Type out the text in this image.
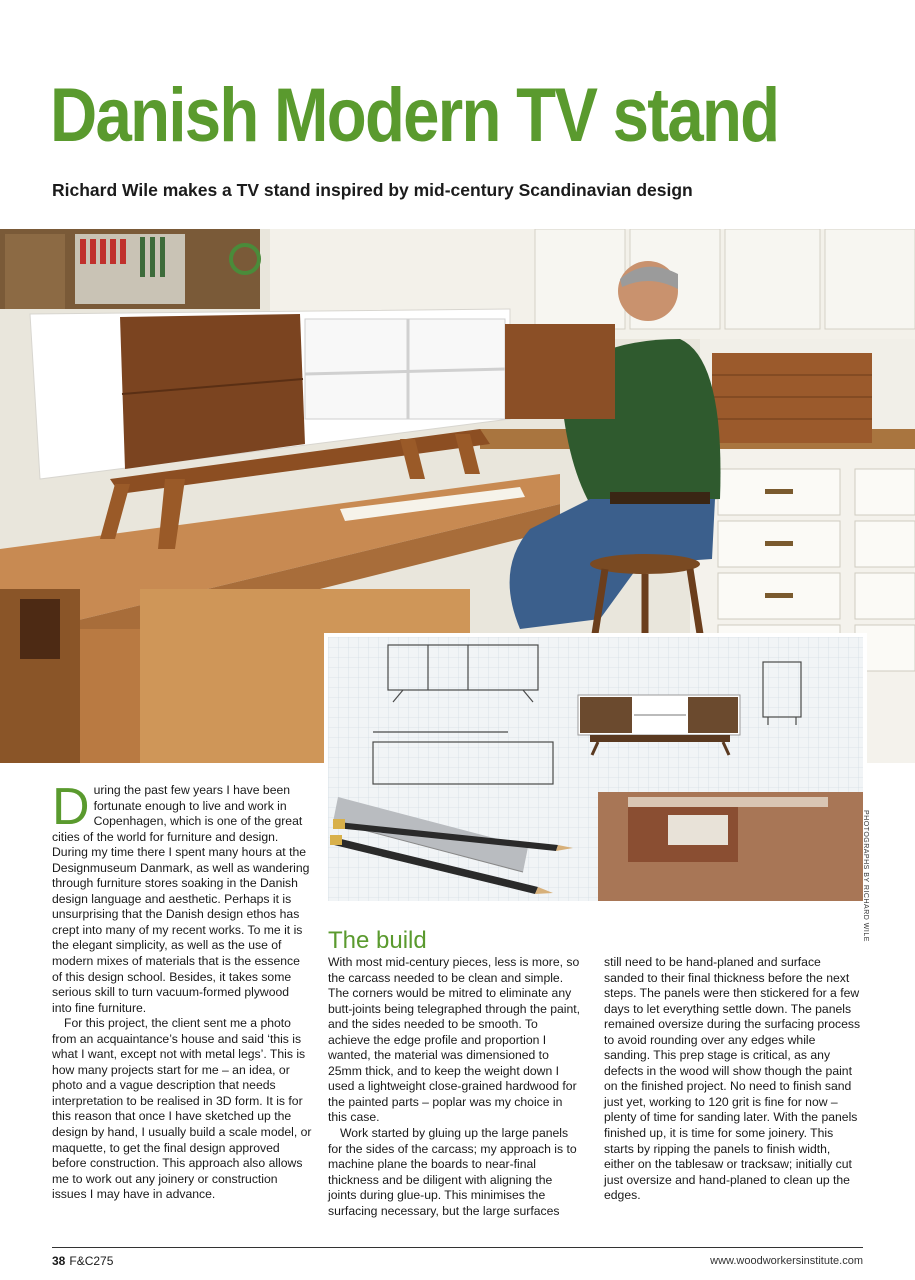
Danish Modern TV stand
Richard Wile makes a TV stand inspired by mid-century Scandinavian design
PHOTOGRAPHS BY RICHARD WILE
D uring the past few years I have been fortunate enough to live and work in Copenhagen, which is one of the great cities of the world for furniture and design. During my time there I spent many hours at the Designmuseum Danmark, as well as wandering through furniture stores soaking in the Danish design language and aesthetic. Perhaps it is unsurprising that the Danish design ethos has crept into many of my recent works. To me it is the elegant simplicity, as well as the use of modern mixes of materials that is the essence of this design school. Besides, it takes some serious skill to turn vacuum-formed plywood into fine furniture.

For this project, the client sent me a photo from an acquaintance’s house and said ‘this is what I want, except not with metal legs’. This is how many projects start for me – an idea, or photo and a vague description that needs interpretation to be realised in 3D form. It is for this reason that once I have sketched up the design by hand, I usually build a scale model, or maquette, to get the final design approved before construction. This approach also allows me to work out any joinery or construction issues I may have in advance.

The build

With most mid-century pieces, less is more, so the carcass needed to be clean and simple. The corners would be mitred to eliminate any butt-joints being telegraphed through the paint, and the sides needed to be smooth. To achieve the edge profile and proportion I wanted, the material was dimensioned to 25mm thick, and to keep the weight down I used a lightweight close-grained hardwood for the painted parts – poplar was my choice in this case.

Work started by gluing up the large panels for the sides of the carcass; my approach is to machine plane the boards to near-final thickness and be diligent with aligning the joints during glue-up. This minimises the surfacing necessary, but the large surfaces

still need to be hand-planed and surface sanded to their final thickness before the next steps. The panels were then stickered for a few days to let everything settle down. The panels remained oversize during the surfacing process to avoid rounding over any edges while sanding. This prep stage is critical, as any defects in the wood will show though the paint on the finished project. No need to finish sand just yet, working to 120 grit is fine for now – plenty of time for sanding later. With the panels finished up, it is time for some joinery. This starts by ripping the panels to finish width, either on the tablesaw or tracksaw; initially cut just oversize and hand-planed to clean up the edges.

38 F&C275	www.woodworkersinstitute.com
